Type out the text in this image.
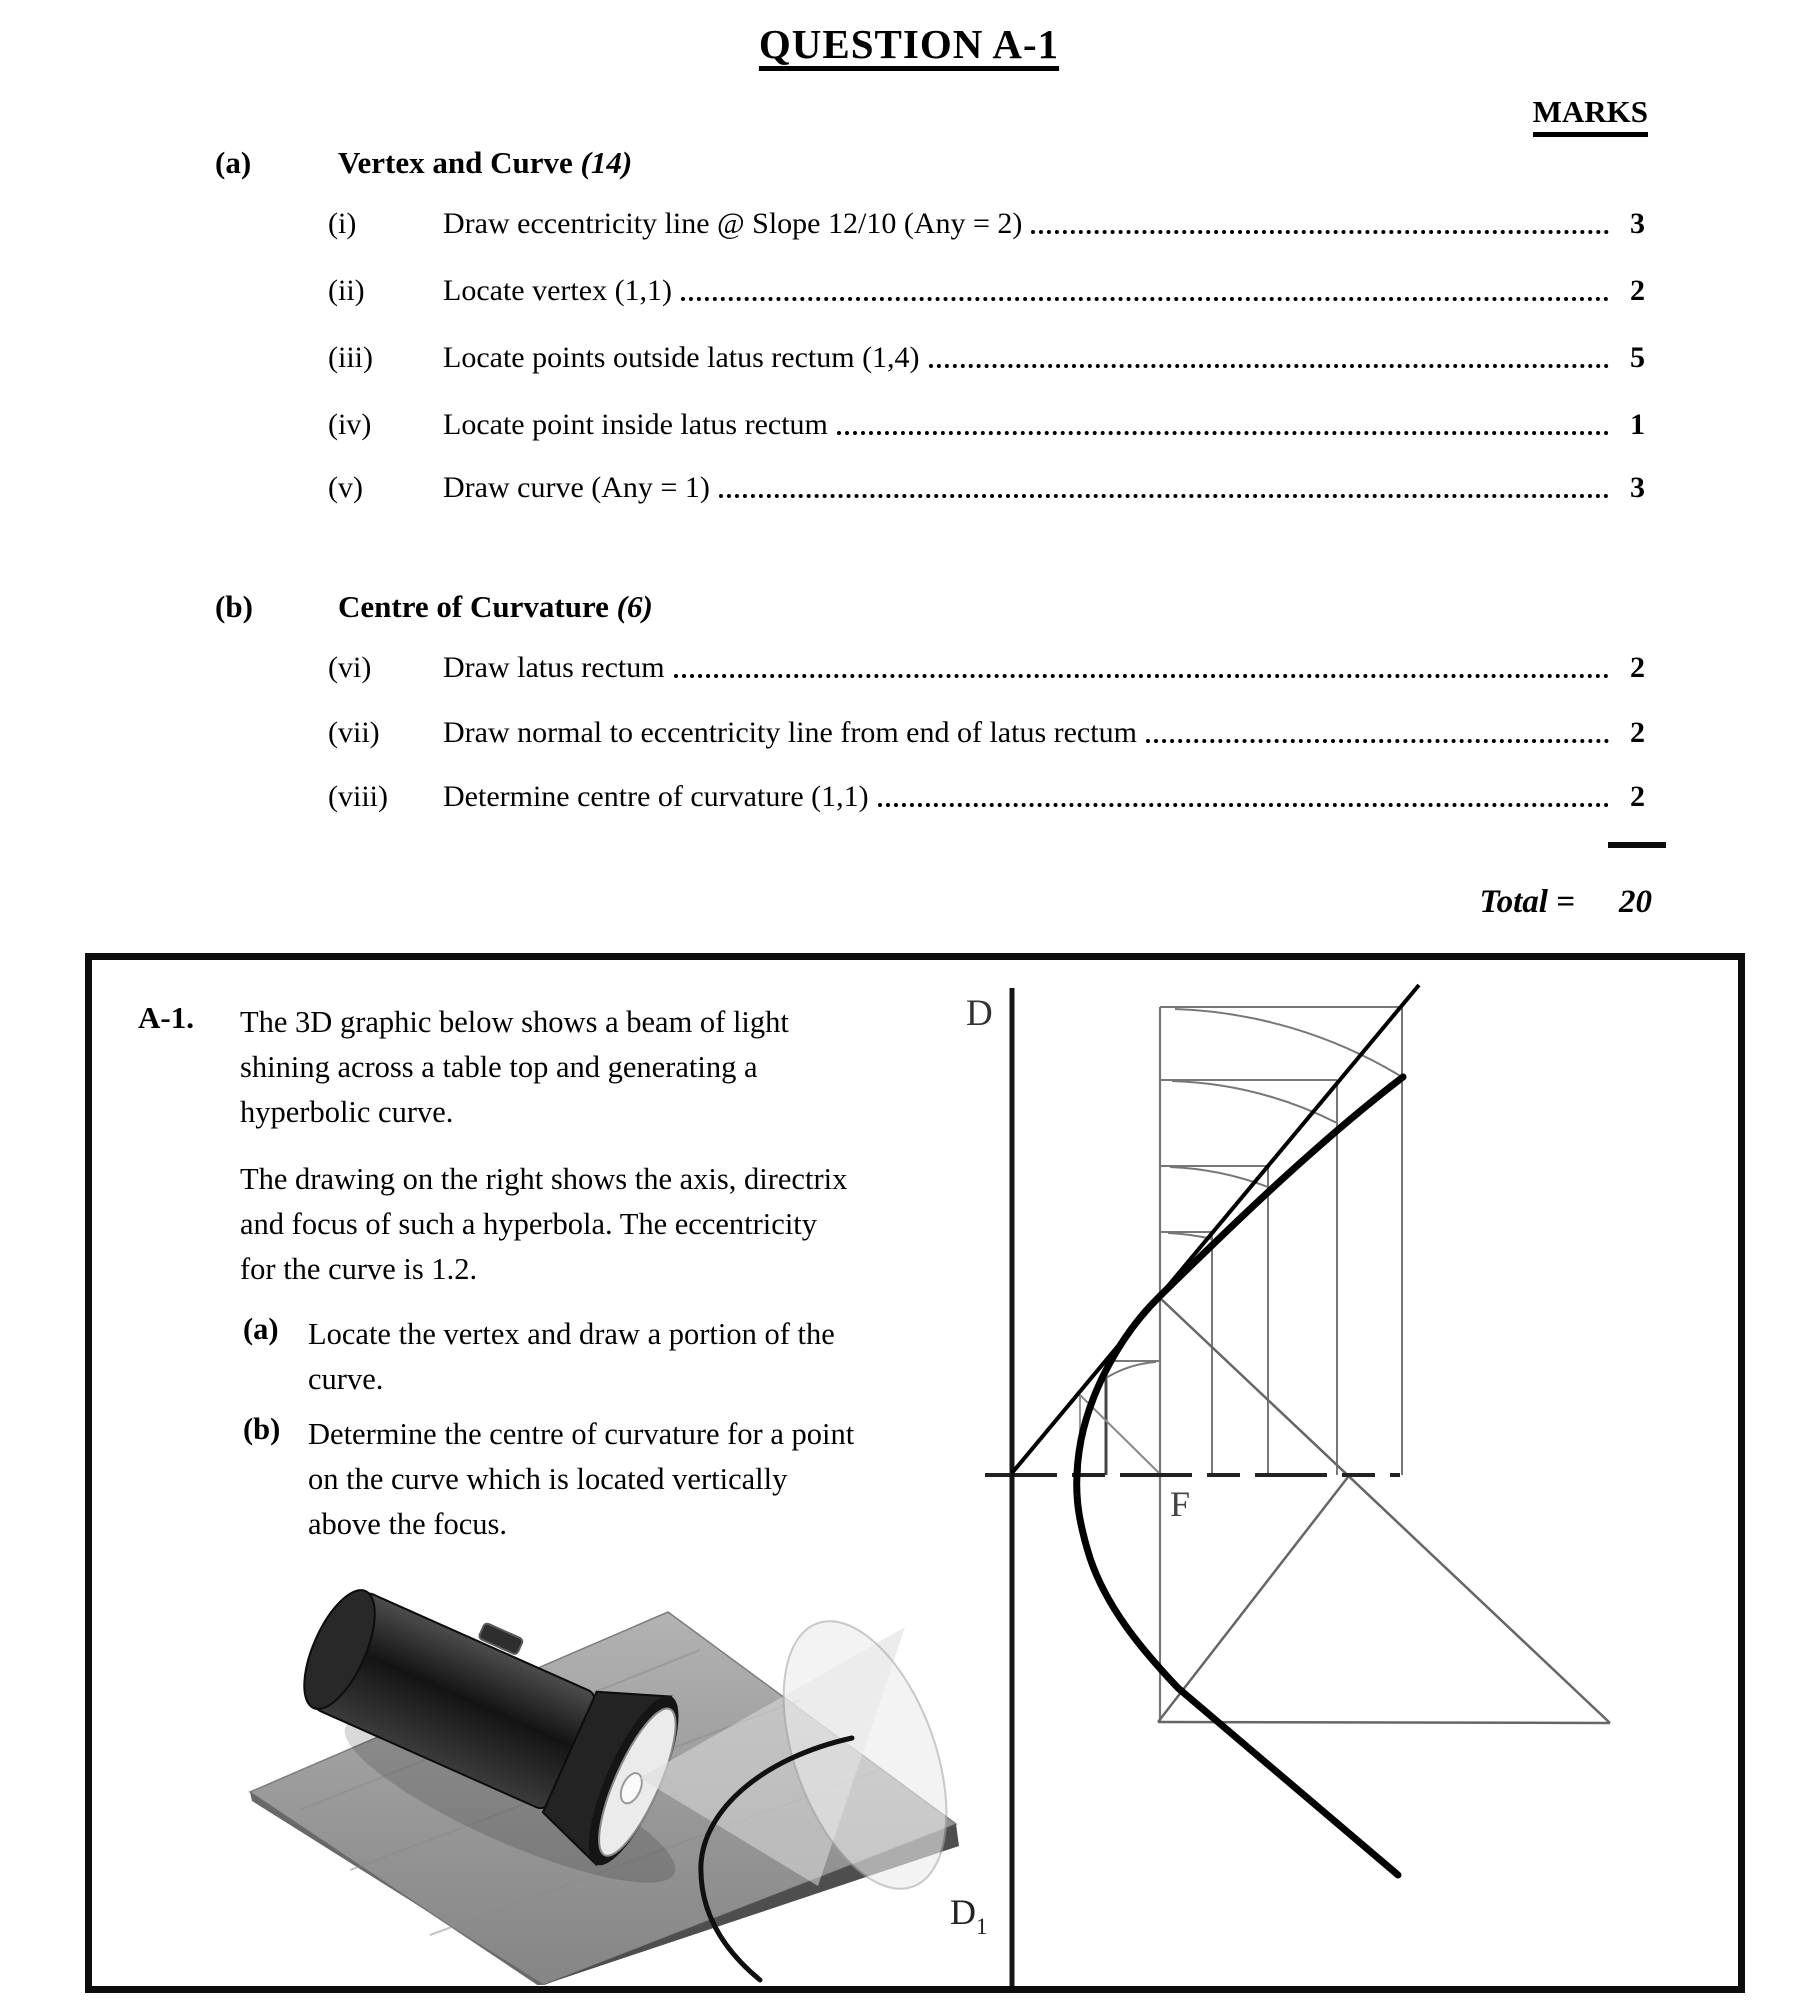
QUESTION A-1
MARKS
(a)	Vertex and Curve (14)
(i)	Draw eccentricity line @ Slope 12/10 (Any = 2)	3
(ii)	Locate vertex (1,1)	2
(iii)	Locate points outside latus rectum (1,4)	5
(iv)	Locate point inside latus rectum	1
(v)	Draw curve (Any = 1)	3
(b)	Centre of Curvature (6)
(vi)	Draw latus rectum	2
(vii)	Draw normal to eccentricity line from end of latus rectum	2
(viii)	Determine centre of curvature (1,1)	2
Total =	20
D
F
$D_1$
A-1. The 3D graphic below shows a beam of light
shining across a table top and generating a
hyperbolic curve.
The drawing on the right shows the axis, directrix
and focus of such a hyperbola. The eccentricity
for the curve is 1.2.
(a) Locate the vertex and draw a portion of the
curve.
(b) Determine the centre of curvature for a point
on the curve which is located vertically
above the focus.
